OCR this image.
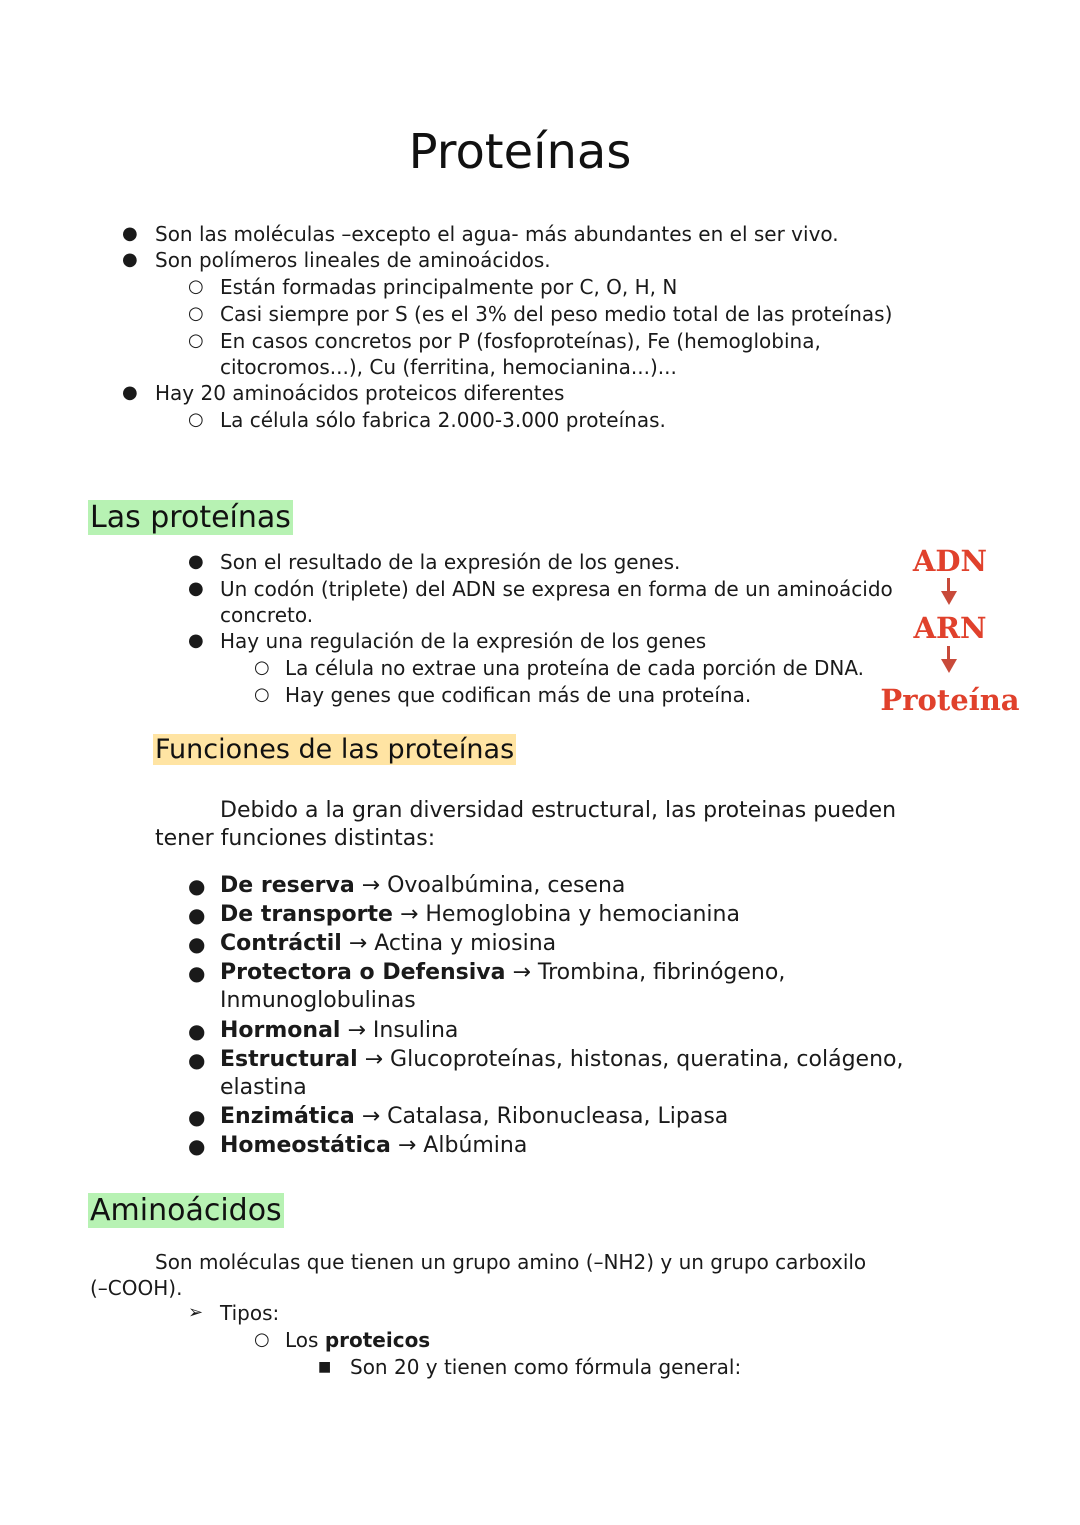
Proteínas
● Son las moléculas –excepto el agua- más abundantes en el ser vivo.
● Son polímeros lineales de aminoácidos.
○ Están formadas principalmente por C, O, H, N
○ Casi siempre por S (es el 3% del peso medio total de las proteínas)
○ En casos concretos por P (fosfoproteínas), Fe (hemoglobina,
citocromos...), Cu (ferritina, hemocianina...)...
● Hay 20 aminoácidos proteicos diferentes
○ La célula sólo fabrica 2.000-3.000 proteínas.
Las proteínas
● Son el resultado de la expresión de los genes.
● Un codón (triplete) del ADN se expresa en forma de un aminoácido
concreto.
● Hay una regulación de la expresión de los genes
○ La célula no extrae una proteína de cada porción de DNA.
○ Hay genes que codifican más de una proteína.
ADN
ARN
Proteína
Funciones de las proteínas
Debido a la gran diversidad estructural, las proteinas pueden
tener funciones distintas:
● De reserva → Ovoalbúmina, cesena
● De transporte → Hemoglobina y hemocianina
● Contráctil → Actina y miosina
● Protectora o Defensiva → Trombina, fibrinógeno,
Inmunoglobulinas
● Hormonal → Insulina
● Estructural → Glucoproteínas, histonas, queratina, colágeno,
elastina
● Enzimática → Catalasa, Ribonucleasa, Lipasa
● Homeostática → Albúmina
Aminoácidos
Son moléculas que tienen un grupo amino (–NH2) y un grupo carboxilo
(–COOH).
➢ Tipos:
○ Los proteicos
■ Son 20 y tienen como fórmula general:
